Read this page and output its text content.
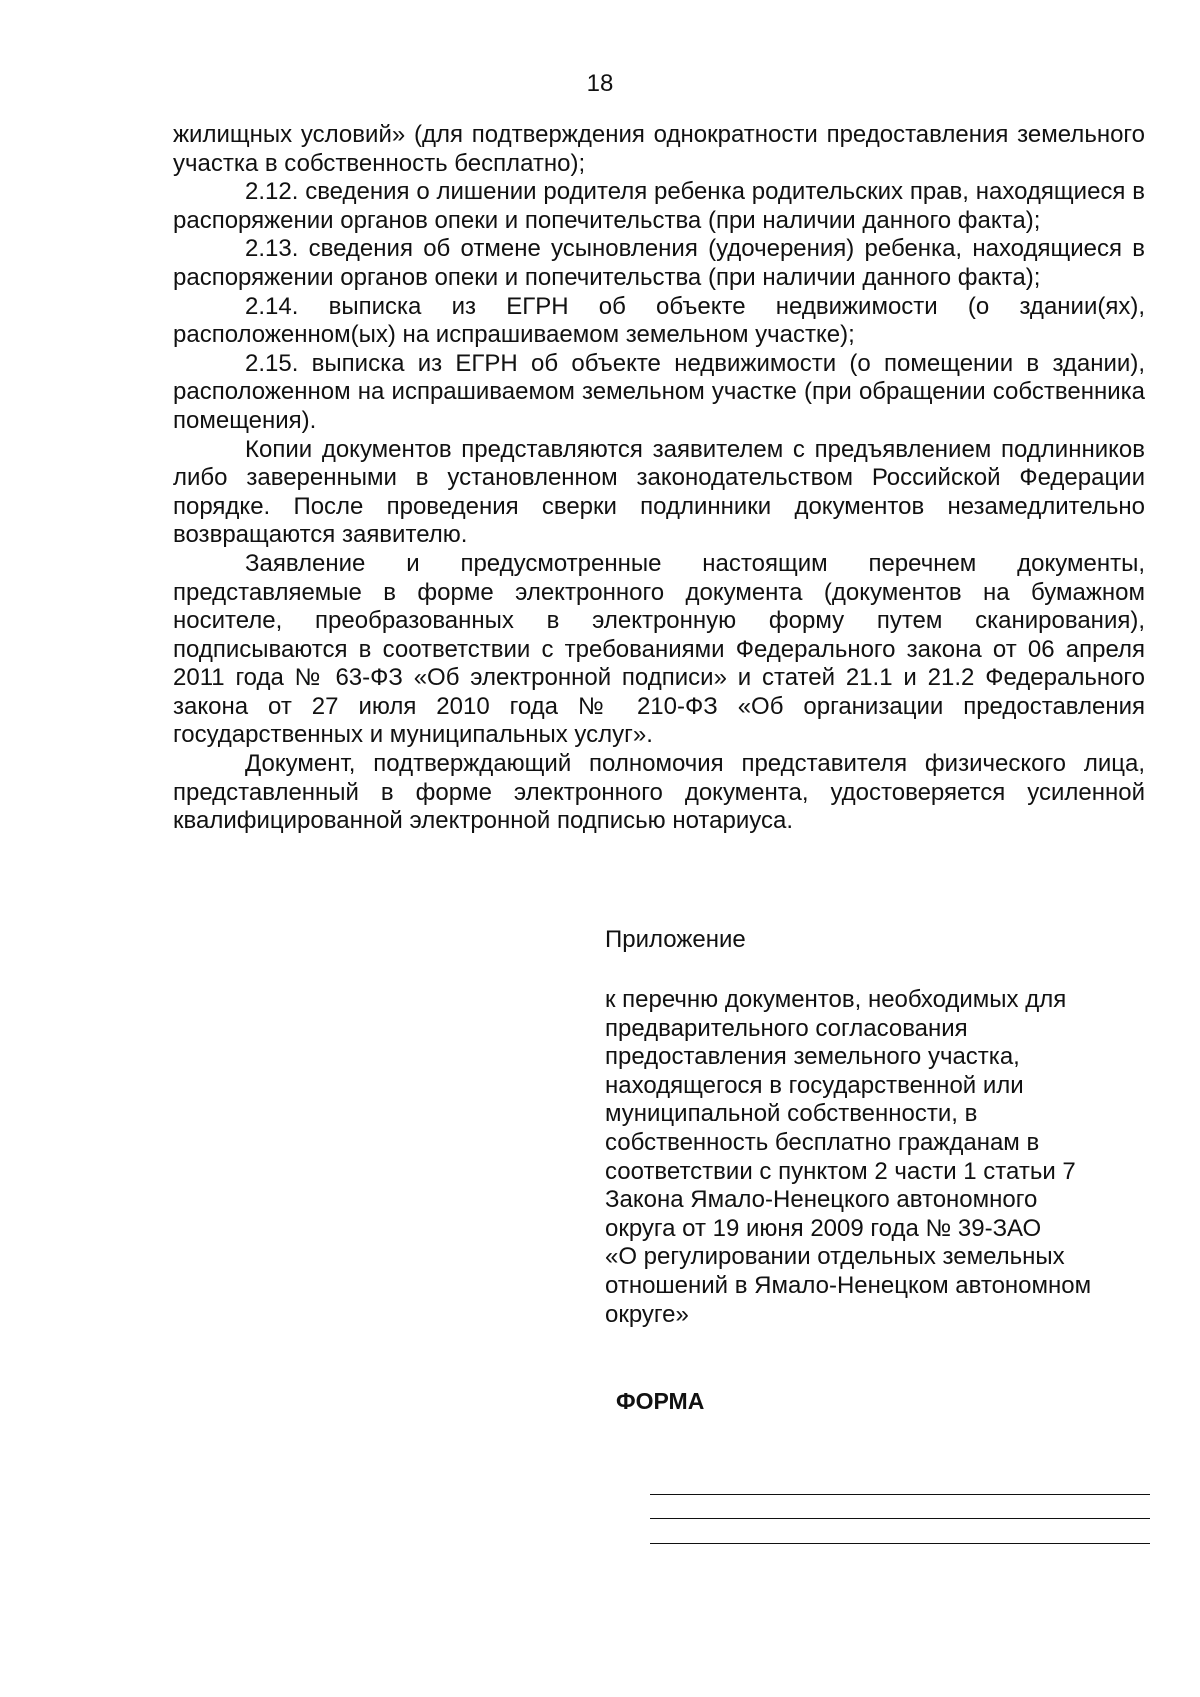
18

жилищных условий» (для подтверждения однократности предоставления земельного участка в собственность бесплатно);

2.12. сведения о лишении родителя ребенка родительских прав, находящиеся в распоряжении органов опеки и попечительства (при наличии данного факта);

2.13. сведения об отмене усыновления (удочерения) ребенка, находящиеся в распоряжении органов опеки и попечительства (при наличии данного факта);

2.14. выписка из ЕГРН об объекте недвижимости (о здании(ях), расположенном(ых) на испрашиваемом земельном участке);

2.15. выписка из ЕГРН об объекте недвижимости (о помещении в здании), расположенном на испрашиваемом земельном участке (при обращении собственника помещения).

Копии документов представляются заявителем с предъявлением подлинников либо заверенными в установленном законодательством Российской Федерации порядке. После проведения сверки подлинники документов незамедлительно возвращаются заявителю.

Заявление и предусмотренные настоящим перечнем документы, представляемые в форме электронного документа (документов на бумажном носителе, преобразованных в электронную форму путем сканирования), подписываются в соответствии с требованиями Федерального закона от 06 апреля 2011 года № 63-ФЗ «Об электронной подписи» и статей 21.1 и 21.2 Федерального закона от 27 июля 2010 года № 210-ФЗ «Об организации предоставления государственных и муниципальных услуг».

Документ, подтверждающий полномочия представителя физического лица, представленный в форме электронного документа, удостоверяется усиленной квалифицированной электронной подписью нотариуса.

Приложение
к перечню документов, необходимых для
предварительного согласования
предоставления земельного участка,
находящегося в государственной или
муниципальной собственности, в
собственность бесплатно гражданам в
соответствии с пунктом 2 части 1 статьи 7
Закона Ямало-Ненецкого автономного
округа от 19 июня 2009 года № 39-ЗАО
«О регулировании отдельных земельных
отношений в Ямало-Ненецком автономном
округе»
ФОРМА
